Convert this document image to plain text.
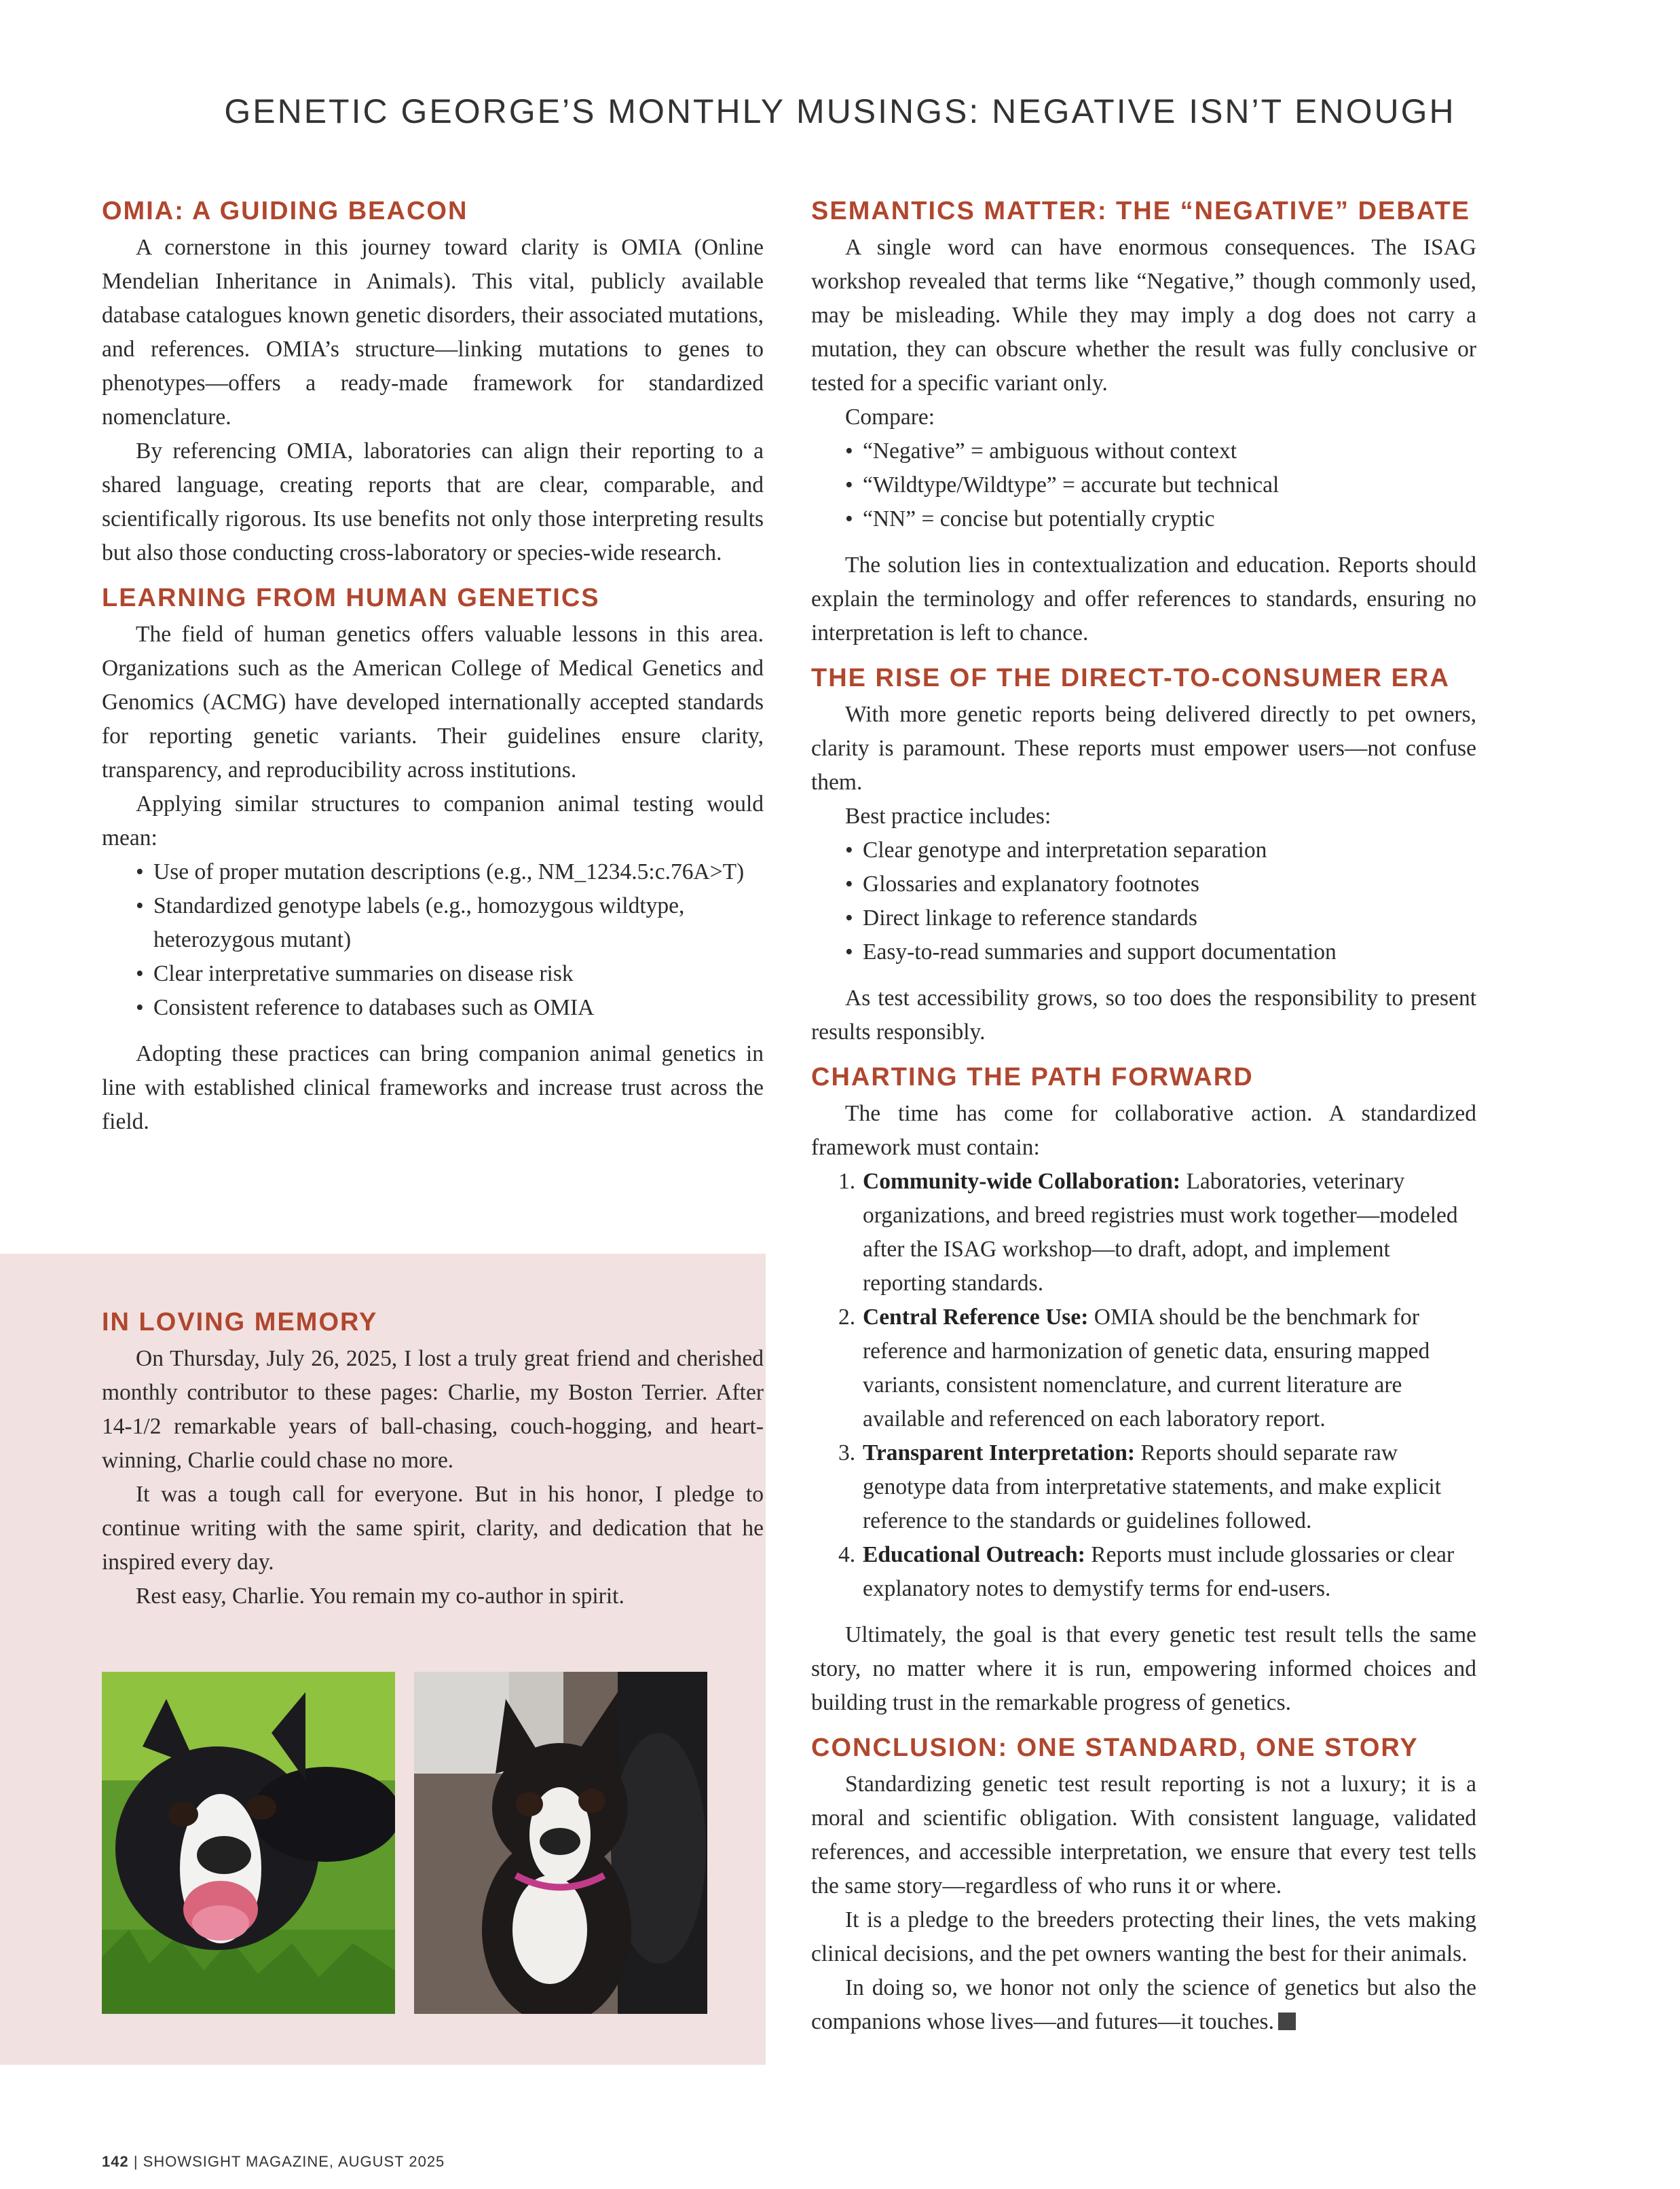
GENETIC GEORGE’S MONTHLY MUSINGS: NEGATIVE ISN’T ENOUGH
OMIA: A GUIDING BEACON

A cornerstone in this journey toward clarity is OMIA (Online Mendelian Inheritance in Animals). This vital, publicly available database catalogues known genetic disorders, their associated mutations, and references. OMIA’s structure—linking mutations to genes to phenotypes—offers a ready-made framework for standardized nomenclature.

By referencing OMIA, laboratories can align their reporting to a shared language, creating reports that are clear, comparable, and scientifically rigorous. Its use benefits not only those interpreting results but also those conducting cross-laboratory or species-wide research.

LEARNING FROM HUMAN GENETICS

The field of human genetics offers valuable lessons in this area. Organizations such as the American College of Medical Genetics and Genomics (ACMG) have developed internationally accepted standards for reporting genetic variants. Their guidelines ensure clarity, transparency, and reproducibility across institutions.

Applying similar structures to companion animal testing would mean:

• Use of proper mutation descriptions (e.g., NM_1234.5:c.76A>T)
• Standardized genotype labels (e.g., homozygous wildtype, heterozygous mutant)
• Clear interpretative summaries on disease risk
• Consistent reference to databases such as OMIA

Adopting these practices can bring companion animal genetics in line with established clinical frameworks and increase trust across the field.

IN LOVING MEMORY

On Thursday, July 26, 2025, I lost a truly great friend and cherished monthly contributor to these pages: Charlie, my Boston Terrier. After 14-1/2 remarkable years of ball-chasing, couch-hogging, and heart-winning, Charlie could chase no more.

It was a tough call for everyone. But in his honor, I pledge to continue writing with the same spirit, clarity, and dedication that he inspired every day.

Rest easy, Charlie. You remain my co-author in spirit.

SEMANTICS MATTER: THE “NEGATIVE” DEBATE

A single word can have enormous consequences. The ISAG workshop revealed that terms like “Negative,” though commonly used, may be misleading. While they may imply a dog does not carry a mutation, they can obscure whether the result was fully conclusive or tested for a specific variant only.

Compare:
• “Negative” = ambiguous without context
• “Wildtype/Wildtype” = accurate but technical
• “NN” = concise but potentially cryptic

The solution lies in contextualization and education. Reports should explain the terminology and offer references to standards, ensuring no interpretation is left to chance.

THE RISE OF THE DIRECT-TO-CONSUMER ERA

With more genetic reports being delivered directly to pet owners, clarity is paramount. These reports must empower users—not confuse them.

Best practice includes:
• Clear genotype and interpretation separation
• Glossaries and explanatory footnotes
• Direct linkage to reference standards
• Easy-to-read summaries and support documentation

As test accessibility grows, so too does the responsibility to present results responsibly.

CHARTING THE PATH FORWARD

The time has come for collaborative action. A standardized framework must contain:

1. Community-wide Collaboration: Laboratories, veterinary organizations, and breed registries must work together—modeled after the ISAG workshop—to draft, adopt, and implement reporting standards.
2. Central Reference Use: OMIA should be the benchmark for reference and harmonization of genetic data, ensuring mapped variants, consistent nomenclature, and current literature are available and referenced on each laboratory report.
3. Transparent Interpretation: Reports should separate raw genotype data from interpretative statements, and make explicit reference to the standards or guidelines followed.
4. Educational Outreach: Reports must include glossaries or clear explanatory notes to demystify terms for end-users.

Ultimately, the goal is that every genetic test result tells the same story, no matter where it is run, empowering informed choices and building trust in the remarkable progress of genetics.

CONCLUSION: ONE STANDARD, ONE STORY

Standardizing genetic test result reporting is not a luxury; it is a moral and scientific obligation. With consistent language, validated references, and accessible interpretation, we ensure that every test tells the same story—regardless of who runs it or where.

It is a pledge to the breeders protecting their lines, the vets making clinical decisions, and the pet owners wanting the best for their animals.

In doing so, we honor not only the science of genetics but also the companions whose lives—and futures—it touches.

142 | SHOWSIGHT MAGAZINE, AUGUST 2025
